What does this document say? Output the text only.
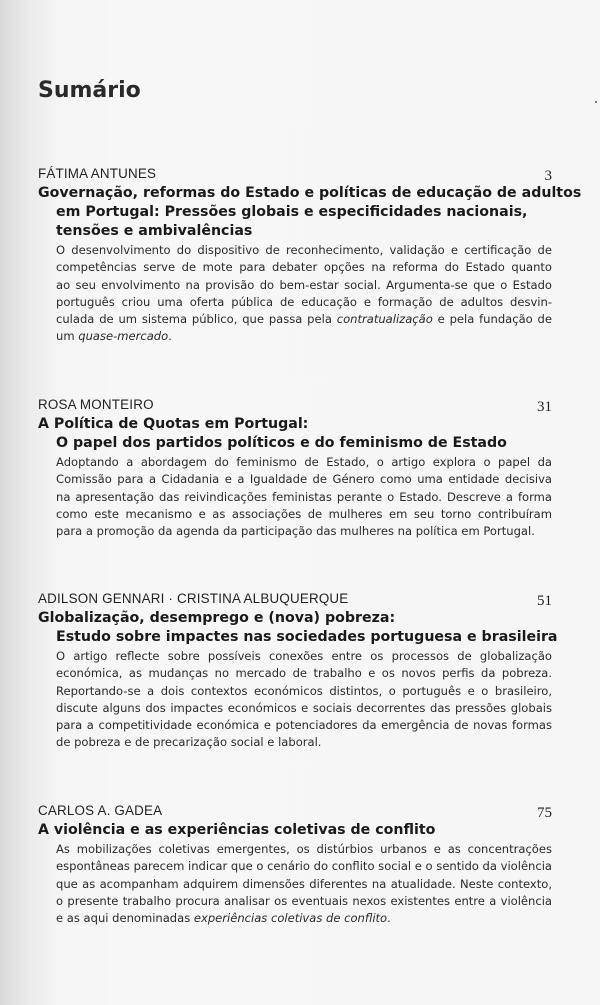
Sumário
FÁTIMA ANTUNES	3
Governação, reformas do Estado e políticas de educação de adultos
em Portugal: Pressões globais e especificidades nacionais,
tensões e ambivalências
O desenvolvimento do dispositivo de reconhecimento, validação e certificação de
competências serve de mote para debater opções na reforma do Estado quanto
ao seu envolvimento na provisão do bem-estar social. Argumenta-se que o Estado
português criou uma oferta pública de educação e formação de adultos desvin-
culada de um sistema público, que passa pela contratualização e pela fundação de
um quase-mercado.
ROSA MONTEIRO	31
A Política de Quotas em Portugal:
O papel dos partidos políticos e do feminismo de Estado
Adoptando a abordagem do feminismo de Estado, o artigo explora o papel da
Comissão para a Cidadania e a Igualdade de Género como uma entidade decisiva
na apresentação das reivindicações feministas perante o Estado. Descreve a forma
como este mecanismo e as associações de mulheres em seu torno contribuíram
para a promoção da agenda da participação das mulheres na política em Portugal.
ADILSON GENNARI · CRISTINA ALBUQUERQUE	51
Globalização, desemprego e (nova) pobreza:
Estudo sobre impactes nas sociedades portuguesa e brasileira
O artigo reflecte sobre possíveis conexões entre os processos de globalização
económica, as mudanças no mercado de trabalho e os novos perfis da pobreza.
Reportando-se a dois contextos económicos distintos, o português e o brasileiro,
discute alguns dos impactes económicos e sociais decorrentes das pressões globais
para a competitividade económica e potenciadores da emergência de novas formas
de pobreza e de precarização social e laboral.
CARLOS A. GADEA	75
A violência e as experiências coletivas de conflito
As mobilizações coletivas emergentes, os distúrbios urbanos e as concentrações
espontâneas parecem indicar que o cenário do conflito social e o sentido da violência
que as acompanham adquirem dimensões diferentes na atualidade. Neste contexto,
o presente trabalho procura analisar os eventuais nexos existentes entre a violência
e as aqui denominadas experiências coletivas de conflito.
